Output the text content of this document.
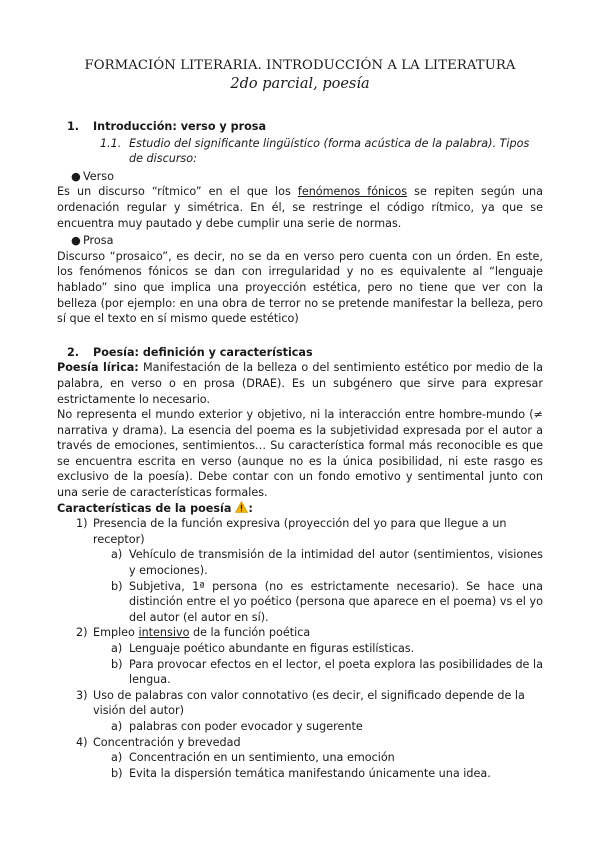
FORMACIÓN LITERARIA. INTRODUCCIÓN A LA LITERATURA
2do parcial, poesía
1. Introducción: verso y prosa
1.1. Estudio del significante lingüístico (forma acústica de la palabra). Tipos de discurso:
● Verso
Es un discurso “rítmico” en el que los fenómenos fónicos se repiten según una ordenación regular y simétrica. En él, se restringe el código rítmico, ya que se encuentra muy pautado y debe cumplir una serie de normas.
● Prosa
Discurso “prosaico”, es decir, no se da en verso pero cuenta con un órden. En este, los fenómenos fónicos se dan con irregularidad y no es equivalente al “lenguaje hablado” sino que implica una proyección estética, pero no tiene que ver con la belleza (por ejemplo: en una obra de terror no se pretende manifestar la belleza, pero sí que el texto en sí mismo quede estético)
2. Poesía: definición y características
Poesía lírica: Manifestación de la belleza o del sentimiento estético por medio de la palabra, en verso o en prosa (DRAE). Es un subgénero que sirve para expresar estrictamente lo necesario.
No representa el mundo exterior y objetivo, ni la interacción entre hombre-mundo (≠ narrativa y drama). La esencia del poema es la subjetividad expresada por el autor a través de emociones, sentimientos… Su característica formal más reconocible es que se encuentra escrita en verso (aunque no es la única posibilidad, ni este rasgo es exclusivo de la poesía). Debe contar con un fondo emotivo y sentimental junto con una serie de características formales.
Características de la poesía :
1) Presencia de la función expresiva (proyección del yo para que llegue a un receptor)
a) Vehículo de transmisión de la intimidad del autor (sentimientos, visiones y emociones).
b) Subjetiva, 1ª persona (no es estrictamente necesario). Se hace una distinción entre el yo poético (persona que aparece en el poema) vs el yo del autor (el autor en sí).
2) Empleo intensivo de la función poética
a) Lenguaje poético abundante en figuras estilísticas.
b) Para provocar efectos en el lector, el poeta explora las posibilidades de la lengua.
3) Uso de palabras con valor connotativo (es decir, el significado depende de la visión del autor)
a) palabras con poder evocador y sugerente
4) Concentración y brevedad
a) Concentración en un sentimiento, una emoción
b) Evita la dispersión temática manifestando únicamente una idea.
